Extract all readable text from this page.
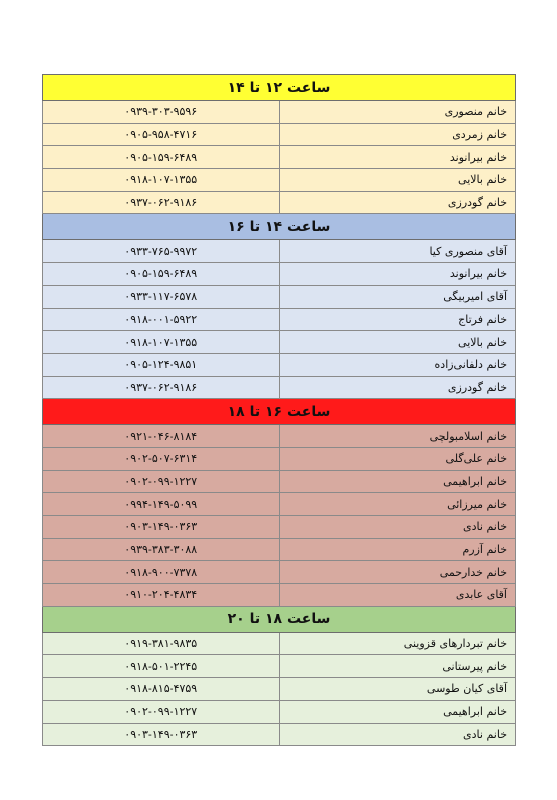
ساعت ۱۲ تا ۱۴	
۰۹۳۹-۳۰۳-۹۵۹۶	خانم منصوری
۰۹۰۵-۹۵۸-۴۷۱۶	خانم زمردی
۰۹۰۵-۱۵۹-۶۴۸۹	خانم بیرانوند
۰۹۱۸-۱۰۷-۱۳۵۵	خانم بالایی
۰۹۳۷-۰۶۲-۹۱۸۶	خانم گودرزی
ساعت ۱۴ تا ۱۶	
۰۹۳۳-۷۶۵-۹۹۷۲	آقای منصوری کیا
۰۹۰۵-۱۵۹-۶۴۸۹	خانم بیرانوند
۰۹۳۳-۱۱۷-۶۵۷۸	آقای امیربیگی
۰۹۱۸-۰۰۱-۵۹۲۲	خانم فرتاج
۰۹۱۸-۱۰۷-۱۳۵۵	خانم بالایی
۰۹۰۵-۱۲۴-۹۸۵۱	خانم دلفانی‌زاده
۰۹۳۷-۰۶۲-۹۱۸۶	خانم گودرزی
ساعت ۱۶ تا ۱۸	
۰۹۲۱-۰۴۶-۸۱۸۴	خانم اسلامبولچی
۰۹۰۲-۵۰۷-۶۳۱۴	خانم علی‌گلی
۰۹۰۲-۰۹۹-۱۲۲۷	خانم ابراهیمی
۰۹۹۴-۱۴۹-۵۰۹۹	خانم میرزائی
۰۹۰۳-۱۴۹-۰۳۶۳	خانم نادی
۰۹۳۹-۳۸۳-۳۰۸۸	خانم آزرم
۰۹۱۸-۹۰۰-۷۳۷۸	خانم خدارحمی
۰۹۱۰-۲۰۴-۴۸۳۴	آقای عابدی
ساعت ۱۸ تا ۲۰	
۰۹۱۹-۳۸۱-۹۸۳۵	خانم تبردارهای قزوینی
۰۹۱۸-۵۰۱-۲۲۴۵	خانم پیرستانی
۰۹۱۸-۸۱۵-۴۷۵۹	آقای کیان طوسی
۰۹۰۲-۰۹۹-۱۲۲۷	خانم ابراهیمی
۰۹۰۳-۱۴۹-۰۳۶۳	خانم نادی
